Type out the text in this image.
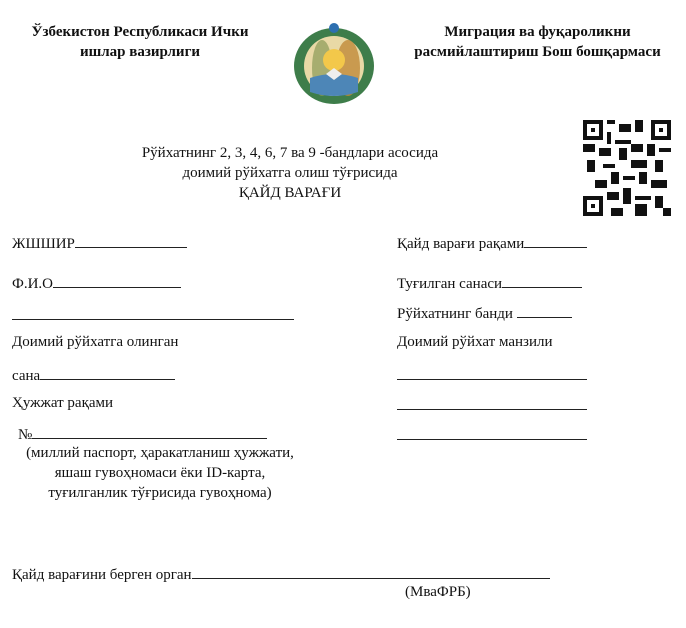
Ўзбекистон Республикаси Ички
ишлар вазирлиги
Миграция ва фуқароликни
расмийлаштириш Бош бошқармаси
Рўйхатнинг 2, 3, 4, 6, 7 ва 9 -бандлари асосида
доимий рўйхатга олиш тўғрисида
ҚАЙД ВАРАҒИ
ЖШШИР
Ф.И.О
Доимий рўйхатга олинган
сана
Ҳужжат рақами
№
(миллий паспорт, ҳаракатланиш ҳужжати,
яшаш гувоҳномаси ёки ID-карта,
туғилганлик тўғрисида гувоҳнома)
Қайд варағи рақами
Туғилган санаси
Рўйхатнинг банди
Доимий рўйхат манзили
Қайд варағини берген орган
(МваФРБ)
